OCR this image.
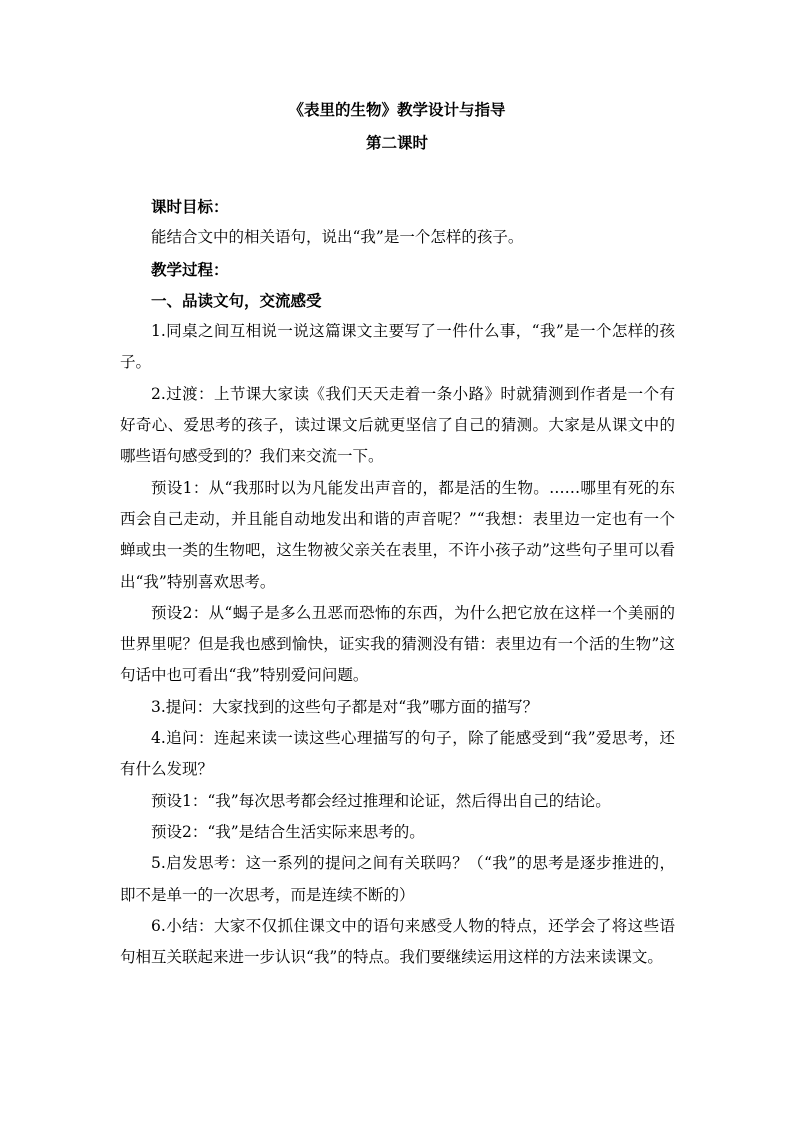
《表里的生物》教学设计与指导
第二课时

课时目标：

能结合文中的相关语句，说出“我”是一个怎样的孩子。

教学过程：

一、品读文句，交流感受

1.同桌之间互相说一说这篇课文主要写了一件什么事，“我”是一个怎样的孩子。

2.过渡：上节课大家读《我们天天走着一条小路》时就猜测到作者是一个有好奇心、爱思考的孩子，读过课文后就更坚信了自己的猜测。大家是从课文中的哪些语句感受到的？我们来交流一下。

预设1：从“我那时以为凡能发出声音的，都是活的生物。……哪里有死的东西会自己走动，并且能自动地发出和谐的声音呢？”“我想：表里边一定也有一个蝉或虫一类的生物吧，这生物被父亲关在表里，不许小孩子动”这些句子里可以看出“我”特别喜欢思考。

预设2：从“蝎子是多么丑恶而恐怖的东西，为什么把它放在这样一个美丽的世界里呢？但是我也感到愉快，证实我的猜测没有错：表里边有一个活的生物”这句话中也可看出“我”特别爱问问题。

3.提问：大家找到的这些句子都是对“我”哪方面的描写？

4.追问：连起来读一读这些心理描写的句子，除了能感受到“我”爱思考，还有什么发现？

预设1：“我”每次思考都会经过推理和论证，然后得出自己的结论。

预设2：“我”是结合生活实际来思考的。

5.启发思考：这一系列的提问之间有关联吗？（“我”的思考是逐步推进的，即不是单一的一次思考，而是连续不断的）

6.小结：大家不仅抓住课文中的语句来感受人物的特点，还学会了将这些语句相互关联起来进一步认识“我”的特点。我们要继续运用这样的方法来读课文。
